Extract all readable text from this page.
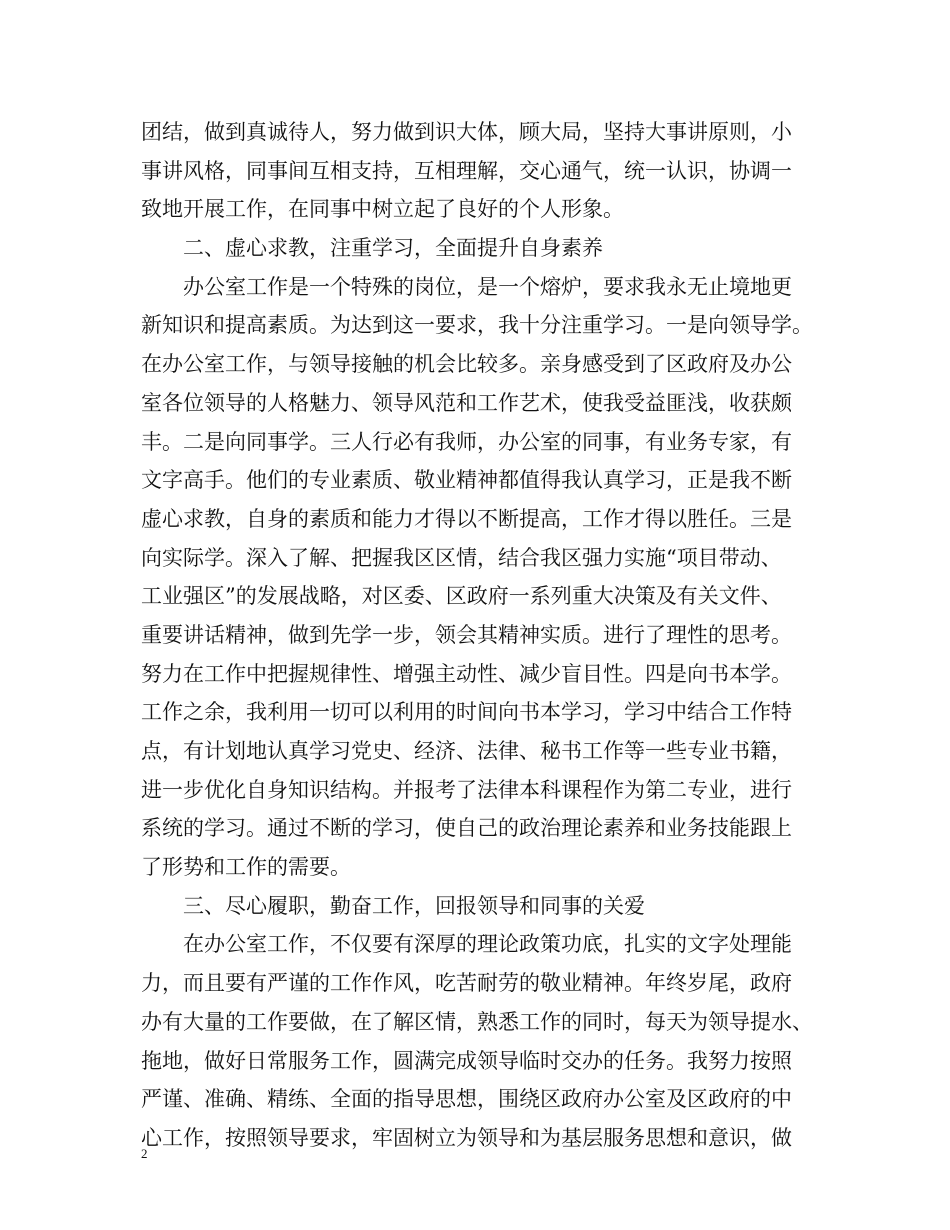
团结，做到真诚待人，努力做到识大体，顾大局，坚持大事讲原则，小
事讲风格，同事间互相支持，互相理解，交心通气，统一认识，协调一
致地开展工作，在同事中树立起了良好的个人形象。
二、虚心求教，注重学习，全面提升自身素养
办公室工作是一个特殊的岗位，是一个熔炉，要求我永无止境地更
新知识和提高素质。为达到这一要求，我十分注重学习。一是向领导学。
在办公室工作，与领导接触的机会比较多。亲身感受到了区政府及办公
室各位领导的人格魅力、领导风范和工作艺术，使我受益匪浅，收获颇
丰。二是向同事学。三人行必有我师，办公室的同事，有业务专家，有
文字高手。他们的专业素质、敬业精神都值得我认真学习，正是我不断
虚心求教，自身的素质和能力才得以不断提高，工作才得以胜任。三是
向实际学。深入了解、把握我区区情，结合我区强力实施“项目带动、
工业强区”的发展战略，对区委、区政府一系列重大决策及有关文件、
重要讲话精神，做到先学一步，领会其精神实质。进行了理性的思考。
努力在工作中把握规律性、增强主动性、减少盲目性。四是向书本学。
工作之余，我利用一切可以利用的时间向书本学习，学习中结合工作特
点，有计划地认真学习党史、经济、法律、秘书工作等一些专业书籍，
进一步优化自身知识结构。并报考了法律本科课程作为第二专业，进行
系统的学习。通过不断的学习，使自己的政治理论素养和业务技能跟上
了形势和工作的需要。
三、尽心履职，勤奋工作，回报领导和同事的关爱
在办公室工作，不仅要有深厚的理论政策功底，扎实的文字处理能
力，而且要有严谨的工作作风，吃苦耐劳的敬业精神。年终岁尾，政府
办有大量的工作要做，在了解区情，熟悉工作的同时，每天为领导提水、
拖地，做好日常服务工作，圆满完成领导临时交办的任务。我努力按照
严谨、准确、精练、全面的指导思想，围绕区政府办公室及区政府的中
心工作，按照领导要求，牢固树立为领导和为基层服务思想和意识，做
2
